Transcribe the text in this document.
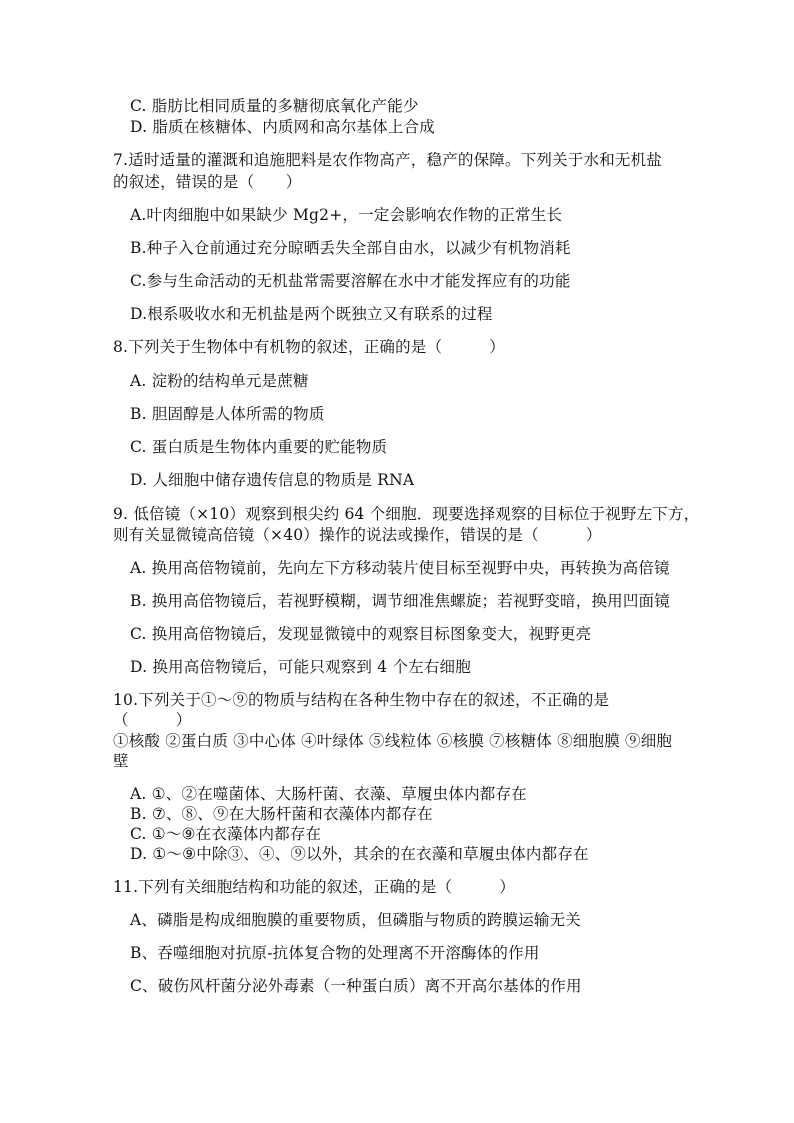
C. 脂肪比相同质量的多糖彻底氧化产能少
D. 脂质在核糖体、内质网和高尔基体上合成
7.适时适量的灌溉和追施肥料是农作物高产，稳产的保障。下列关于水和无机盐
的叙述，错误的是（　　）
A.叶肉细胞中如果缺少 Mg2+，一定会影响农作物的正常生长
B.种子入仓前通过充分晾晒丢失全部自由水，以减少有机物消耗
C.参与生命活动的无机盐常需要溶解在水中才能发挥应有的功能
D.根系吸收水和无机盐是两个既独立又有联系的过程
8.下列关于生物体中有机物的叙述，正确的是（　　　）
A. 淀粉的结构单元是蔗糖
B. 胆固醇是人体所需的物质
C. 蛋白质是生物体内重要的贮能物质
D. 人细胞中储存遗传信息的物质是 RNA
9. 低倍镜（×10）观察到根尖约 64 个细胞．现要选择观察的目标位于视野左下方，
则有关显微镜高倍镜（×40）操作的说法或操作，错误的是（　　　）
A. 换用高倍物镜前，先向左下方移动装片使目标至视野中央，再转换为高倍镜
B. 换用高倍物镜后，若视野模糊，调节细准焦螺旋；若视野变暗，换用凹面镜
C. 换用高倍物镜后，发现显微镜中的观察目标图象变大，视野更亮
D. 换用高倍物镜后，可能只观察到 4 个左右细胞
10.下列关于①～⑨的物质与结构在各种生物中存在的叙述，不正确的是
（　　　）
①核酸 ②蛋白质 ③中心体 ④叶绿体 ⑤线粒体 ⑥核膜 ⑦核糖体 ⑧细胞膜 ⑨细胞
壁
A. ①、②在噬菌体、大肠杆菌、衣藻、草履虫体内都存在
B. ⑦、⑧、⑨在大肠杆菌和衣藻体内都存在
C. ①～⑨在衣藻体内都存在
D. ①～⑨中除③、④、⑨以外，其余的在衣藻和草履虫体内都存在
11.下列有关细胞结构和功能的叙述，正确的是（　　　）
A、磷脂是构成细胞膜的重要物质，但磷脂与物质的跨膜运输无关
B、吞噬细胞对抗原-抗体复合物的处理离不开溶酶体的作用
C、破伤风杆菌分泌外毒素（一种蛋白质）离不开高尔基体的作用
